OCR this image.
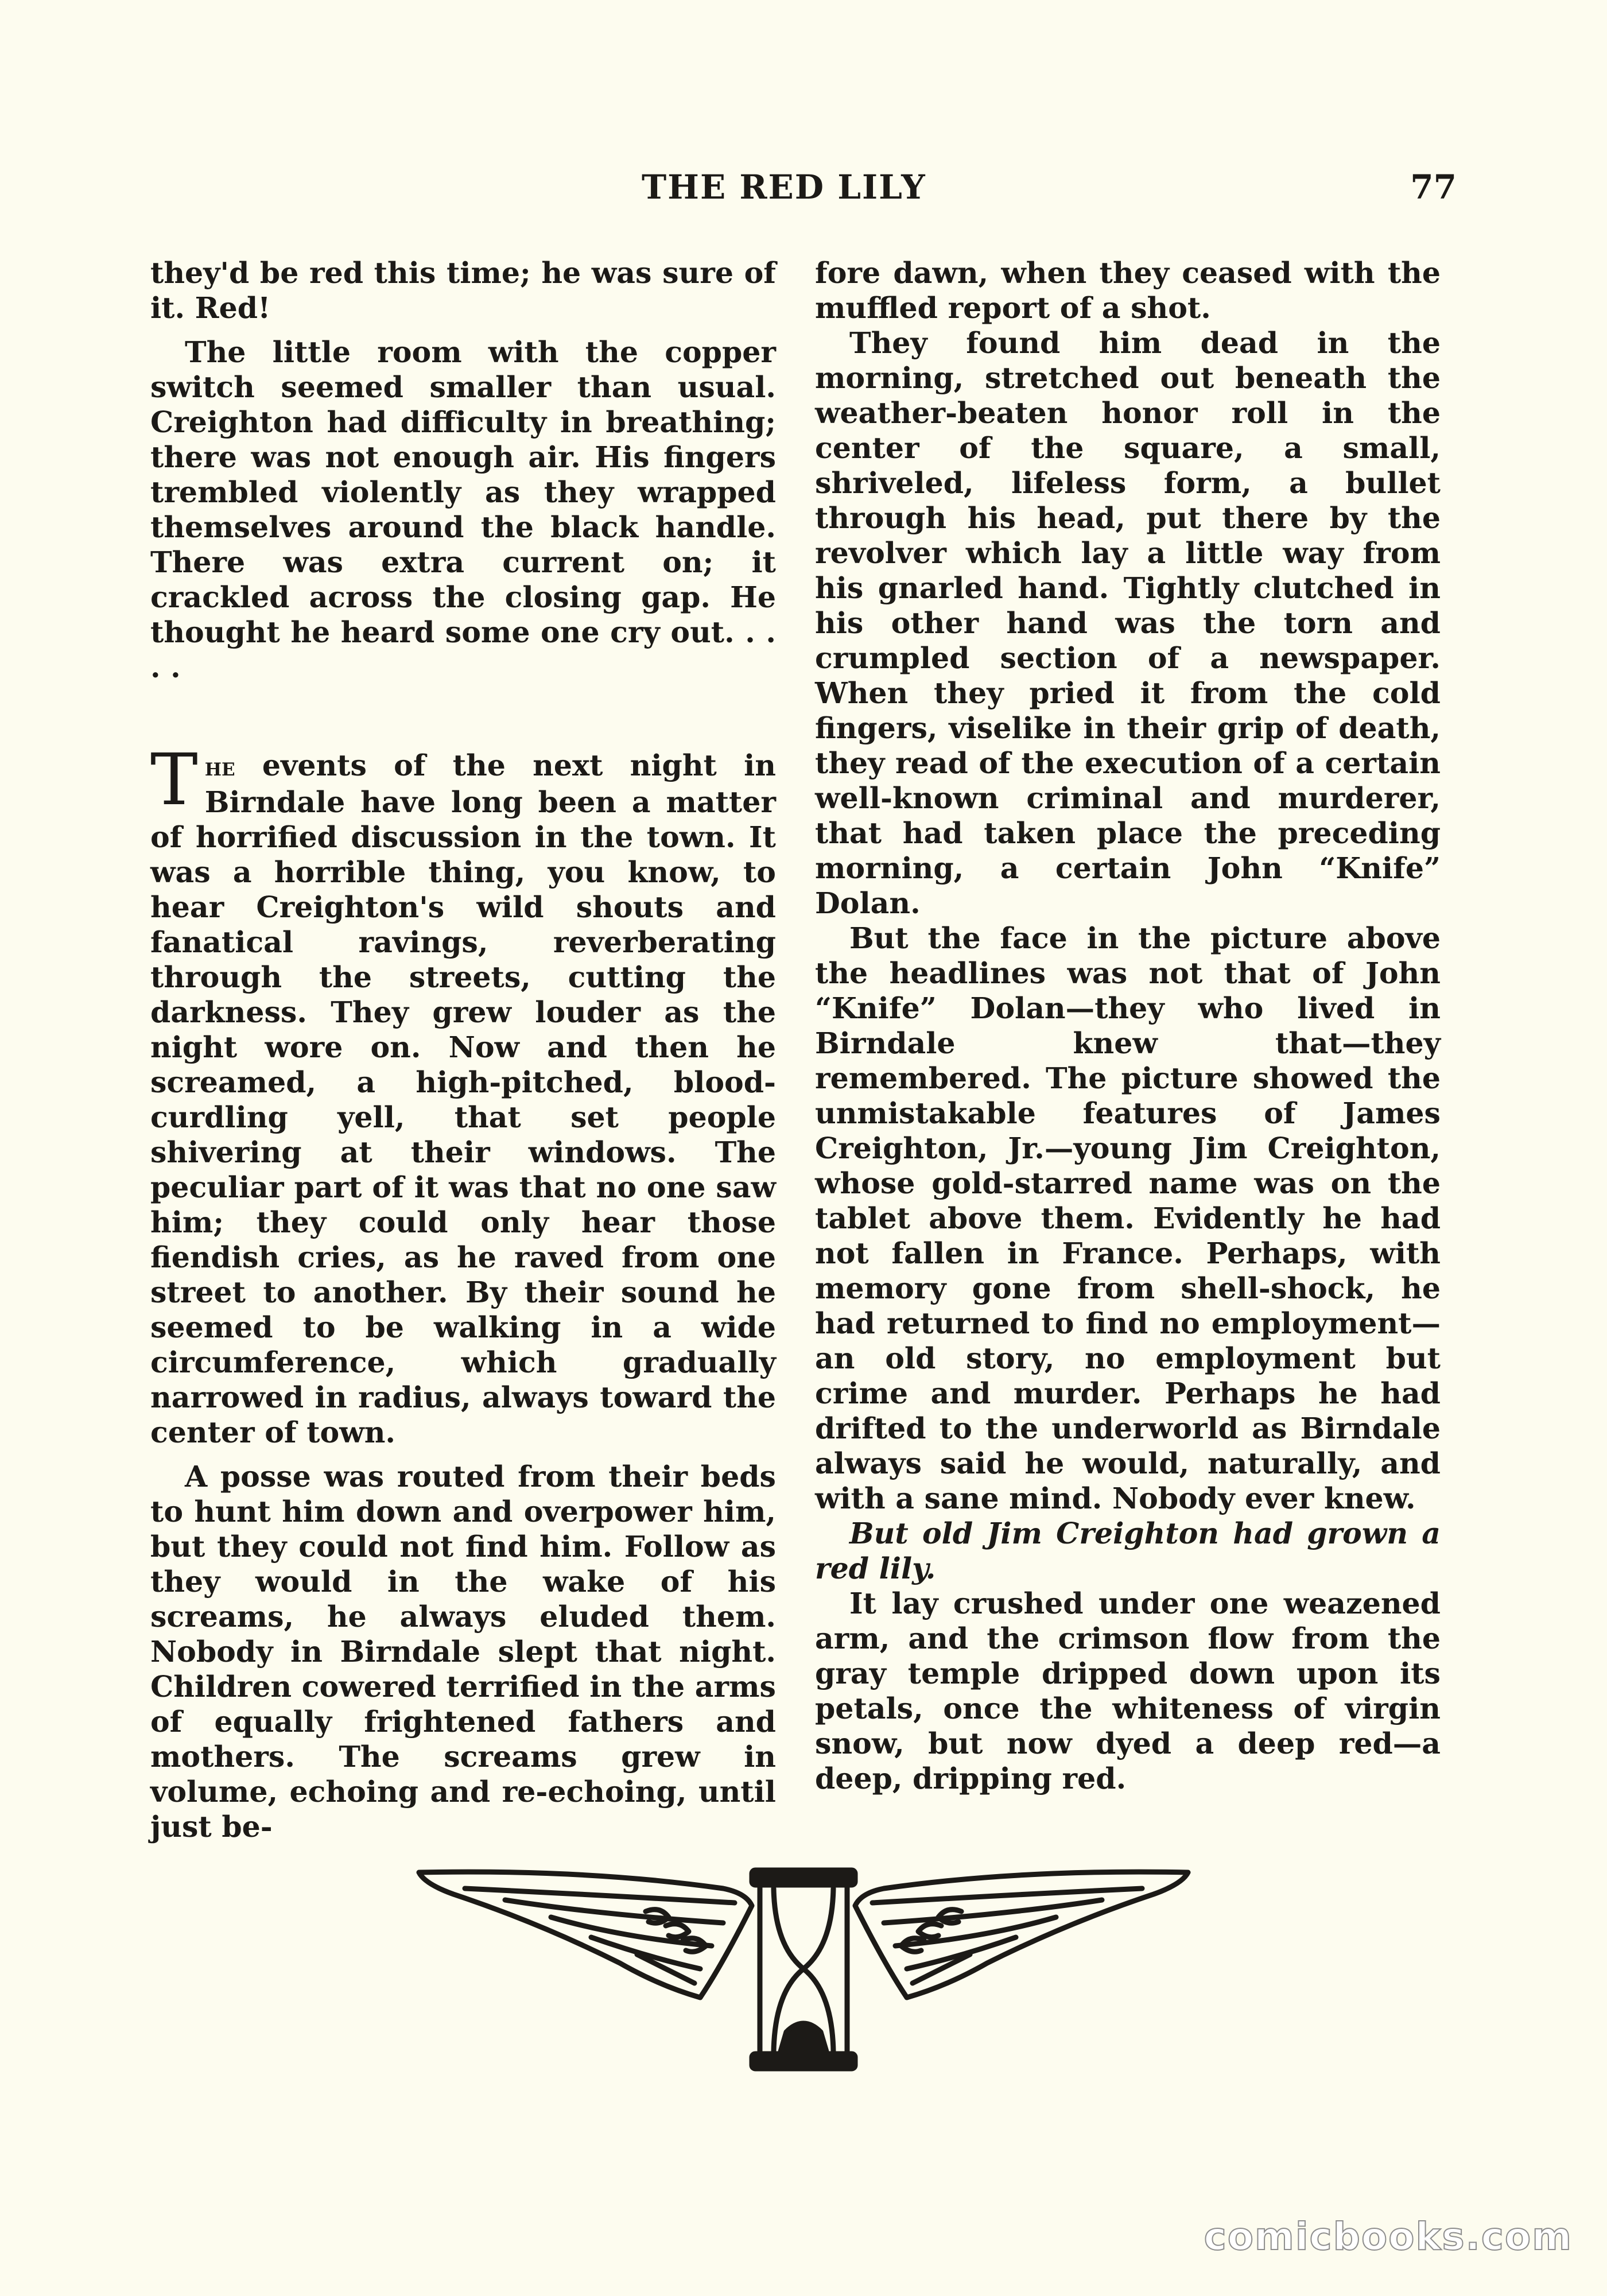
THE RED LILY	77

they'd be red this time; he was sure of it. Red!

The little room with the copper switch seemed smaller than usual. Creighton had difficulty in breathing; there was not enough air. His fingers trembled violently as they wrapped themselves around the black handle. There was extra current on; it crackled across the closing gap. He thought he heard some one cry out. . . . .

The events of the next night in Birndale have long been a matter of horrified discussion in the town. It was a horrible thing, you know, to hear Creighton's wild shouts and fanatical ravings, reverberating through the streets, cutting the darkness. They grew louder as the night wore on. Now and then he screamed, a high-pitched, blood-curdling yell, that set people shivering at their windows. The peculiar part of it was that no one saw him; they could only hear those fiendish cries, as he raved from one street to another. By their sound he seemed to be walking in a wide circumference, which gradually narrowed in radius, always toward the center of town.

A posse was routed from their beds to hunt him down and overpower him, but they could not find him. Follow as they would in the wake of his screams, he always eluded them. Nobody in Birndale slept that night. Children cowered terrified in the arms of equally frightened fathers and mothers. The screams grew in volume, echoing and re-echoing, until just be-

fore dawn, when they ceased with the muffled report of a shot.

They found him dead in the morning, stretched out beneath the weather-beaten honor roll in the center of the square, a small, shriveled, lifeless form, a bullet through his head, put there by the revolver which lay a little way from his gnarled hand. Tightly clutched in his other hand was the torn and crumpled section of a newspaper. When they pried it from the cold fingers, viselike in their grip of death, they read of the execution of a certain well-known criminal and murderer, that had taken place the preceding morning, a certain John “Knife” Dolan.

But the face in the picture above the headlines was not that of John “Knife” Dolan—they who lived in Birndale knew that—they remembered. The picture showed the unmistakable features of James Creighton, Jr.—young Jim Creighton, whose gold-starred name was on the tablet above them. Evidently he had not fallen in France. Perhaps, with memory gone from shell-shock, he had returned to find no employment—an old story, no employment but crime and murder. Perhaps he had drifted to the underworld as Birndale always said he would, naturally, and with a sane mind. Nobody ever knew.

But old Jim Creighton had grown a red lily.

It lay crushed under one weazened arm, and the crimson flow from the gray temple dripped down upon its petals, once the whiteness of virgin snow, but now dyed a deep red—a deep, dripping red.

comicbooks.com
